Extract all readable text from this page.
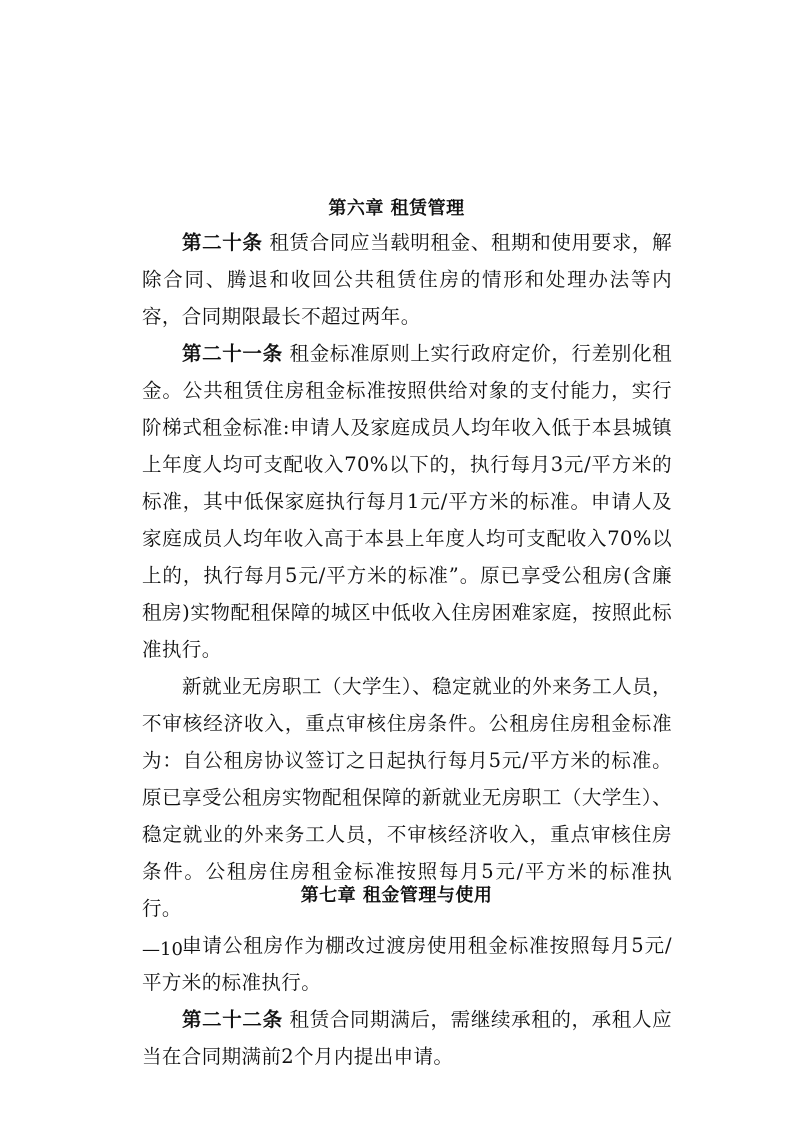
第六章 租赁管理

第二十条 租赁合同应当载明租金、租期和使用要求，解除合同、腾退和收回公共租赁住房的情形和处理办法等内容，合同期限最长不超过两年。

第二十一条 租金标准原则上实行政府定价，行差别化租金。公共租赁住房租金标准按照供给对象的支付能力，实行阶梯式租金标准:申请人及家庭成员人均年收入低于本县城镇上年度人均可支配收入70%以下的，执行每月3元/平方米的标准，其中低保家庭执行每月1元/平方米的标准。申请人及家庭成员人均年收入高于本县上年度人均可支配收入70%以上的，执行每月5元/平方米的标准”。原已享受公租房(含廉租房)实物配租保障的城区中低收入住房困难家庭，按照此标准执行。

新就业无房职工（大学生）、稳定就业的外来务工人员，不审核经济收入，重点审核住房条件。公租房住房租金标准为：自公租房协议签订之日起执行每月5元/平方米的标准。原已享受公租房实物配租保障的新就业无房职工（大学生）、稳定就业的外来务工人员，不审核经济收入，重点审核住房条件。公租房住房租金标准按照每月5元/平方米的标准执行。

申请公租房作为棚改过渡房使用租金标准按照每月5元/平方米的标准执行。

第二十二条 租赁合同期满后，需继续承租的，承租人应当在合同期满前2个月内提出申请。

第七章 租金管理与使用
—10—
